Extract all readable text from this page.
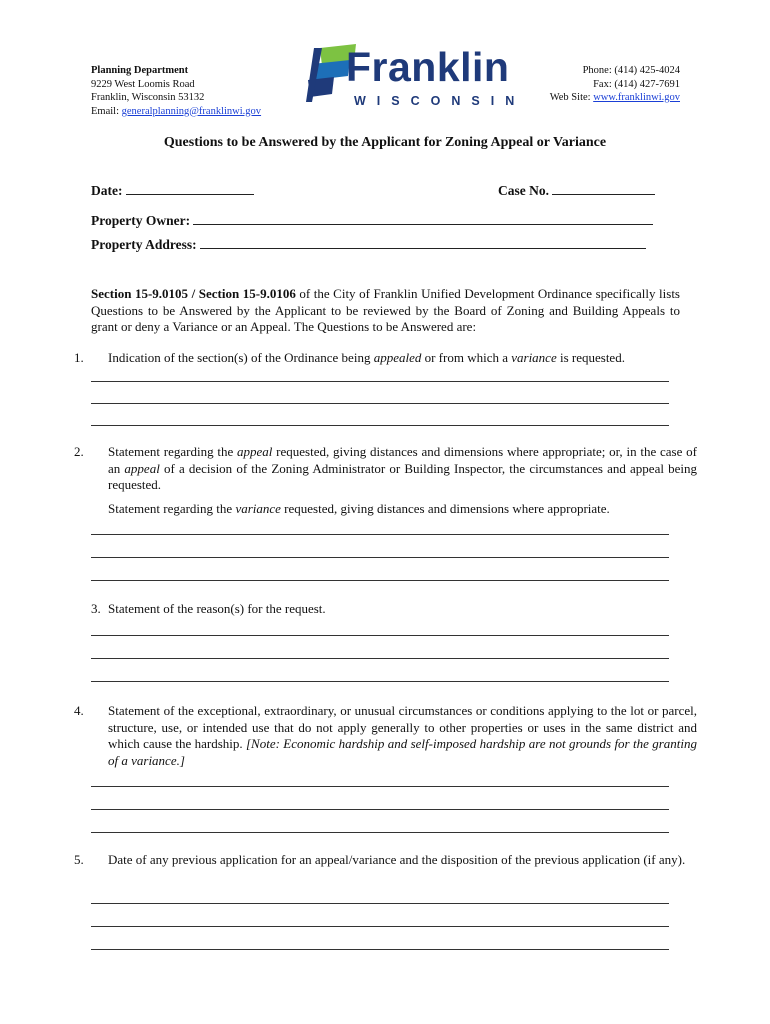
Planning Department
9229 West Loomis Road
Franklin, Wisconsin 53132
Email: generalplanning@franklinwi.gov
Franklin
WISCONSIN
Phone: (414) 425-4024
Fax: (414) 427-7691
Web Site: www.franklinwi.gov
Questions to be Answered by the Applicant for Zoning Appeal or Variance
Date:	Case No.
Property Owner:
Property Address:
Section 15-9.0105 / Section 15-9.0106 of the City of Franklin Unified Development Ordinance specifically lists Questions to be Answered by the Applicant to be reviewed by the Board of Zoning and Building Appeals to grant or deny a Variance or an Appeal. The Questions to be Answered are:
1. Indication of the section(s) of the Ordinance being appealed or from which a variance is requested.
2. Statement regarding the appeal requested, giving distances and dimensions where appropriate; or, in the case of an appeal of a decision of the Zoning Administrator or Building Inspector, the circumstances and appeal being requested.
Statement regarding the variance requested, giving distances and dimensions where appropriate.
3. Statement of the reason(s) for the request.
4. Statement of the exceptional, extraordinary, or unusual circumstances or conditions applying to the lot or parcel, structure, use, or intended use that do not apply generally to other properties or uses in the same district and which cause the hardship. [Note: Economic hardship and self-imposed hardship are not grounds for the granting of a variance.]
5. Date of any previous application for an appeal/variance and the disposition of the previous application (if any).
